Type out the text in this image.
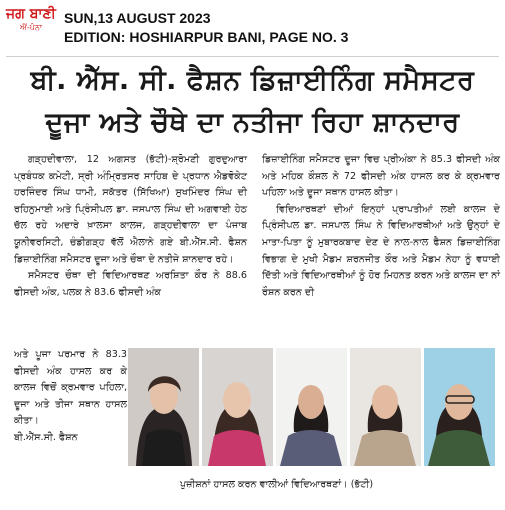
ਜਗ ਬਾਣੀ
ਐਂ-ਪੰਨਾ
SUN,13 AUGUST 2023
EDITION: HOSHIARPUR BANI, PAGE NO. 3
ਬੀ. ਐੱਸ. ਸੀ. ਫੈਸ਼ਨ ਡਿਜ਼ਾਈਨਿੰਗ ਸਮੈਸਟਰ
ਦੂਜਾ ਅਤੇ ਚੌਥੇ ਦਾ ਨਤੀਜਾ ਰਿਹਾ ਸ਼ਾਨਦਾਰ

ਗੜ੍ਹਦੀਵਾਲਾ, 12 ਅਗਸਤ (ਭੱਟੀ)-ਸ਼੍ਰੋਮਣੀ ਗੁਰਦੁਆਰਾ ਪ੍ਰਬੰਧਕ ਕਮੇਟੀ, ਸ੍ਰੀ ਅੰਮ੍ਰਿਤਸਰ ਸਾਹਿਬ ਦੇ ਪ੍ਰਧਾਨ ਐਡਵੋਕੇਟ ਹਰਜਿੰਦਰ ਸਿੰਘ ਧਾਮੀ, ਸਕੱਤਰ (ਸਿੱਖਿਆ) ਸੁਖਮਿੰਦਰ ਸਿੰਘ ਦੀ ਰਹਿਨੁਮਾਈ ਅਤੇ ਪ੍ਰਿੰਸੀਪਲ ਡਾ. ਜਸਪਾਲ ਸਿੰਘ ਦੀ ਅਗਵਾਈ ਹੇਠ ਚੱਲ ਰਹੇ ਅਦਾਰੇ ਖ਼ਾਲਸਾ ਕਾਲਜ, ਗੜ੍ਹਦੀਵਾਲਾ ਦਾ ਪੰਜਾਬ ਯੂਨੀਵਰਸਿਟੀ, ਚੰਡੀਗੜ੍ਹ ਵੱਲੋਂ ਐਲਾਨੇ ਗਏ ਬੀ.ਐੱਸ.ਸੀ. ਫੈਸ਼ਨ ਡਿਜ਼ਾਈਨਿੰਗ ਸਮੈਸਟਰ ਦੂਜਾ ਅਤੇ ਚੌਥਾ ਦੇ ਨਤੀਜੇ ਸ਼ਾਨਦਾਰ ਰਹੇ।

ਸਮੈਸਟਰ ਚੌਥਾ ਦੀ ਵਿਦਿਆਰਥਣ ਅਰਸ਼ਿਤਾ ਕੌਰ ਨੇ 88.6 ਫੀਸਦੀ ਅੰਕ, ਪਲਕ ਨੇ 83.6 ਫੀਸਦੀ ਅੰਕ

ਅਤੇ ਪੂਜਾ ਪਰਮਾਰ ਨੇ 83.3 ਫੀਸਦੀ ਅੰਕ ਹਾਸਲ ਕਰ ਕੇ ਕਾਲਜ ਵਿਚੋਂ ਕ੍ਰਮਵਾਰ ਪਹਿਲਾ, ਦੂਜਾ ਅਤੇ ਤੀਜਾ ਸਥਾਨ ਹਾਸਲ ਕੀਤਾ।

ਬੀ.ਐੱਸ.ਸੀ. ਫੈਸ਼ਨ

ਡਿਜ਼ਾਈਨਿੰਗ ਸਮੈਸਟਰ ਦੂਜਾ ਵਿਚ ਪ੍ਰੀਅੰਕਾ ਨੇ 85.3 ਫੀਸਦੀ ਅੰਕ ਅਤੇ ਮਹਿਕ ਕੌਸ਼ਲ ਨੇ 72 ਫੀਸਦੀ ਅੰਕ ਹਾਸਲ ਕਰ ਕੇ ਕ੍ਰਮਵਾਰ ਪਹਿਲਾ ਅਤੇ ਦੂਜਾ ਸਥਾਨ ਹਾਸਲ ਕੀਤਾ।

ਵਿਦਿਆਰਥਣਾਂ ਦੀਆਂ ਇਨ੍ਹਾਂ ਪ੍ਰਾਪਤੀਆਂ ਲਈ ਕਾਲਜ ਦੇ ਪ੍ਰਿੰਸੀਪਲ ਡਾ. ਜਸਪਾਲ ਸਿੰਘ ਨੇ ਵਿਦਿਆਰਥੀਆਂ ਅਤੇ ਉਨ੍ਹਾਂ ਦੇ ਮਾਤਾ-ਪਿਤਾ ਨੂੰ ਮੁਬਾਰਕਬਾਦ ਦੇਣ ਦੇ ਨਾਲ-ਨਾਲ ਫੈਸ਼ਨ ਡਿਜ਼ਾਈਨਿੰਗ ਵਿਭਾਗ ਦੇ ਮੁਖੀ ਮੈਡਮ ਸ਼ਰਨਜੀਤ ਕੌਰ ਅਤੇ ਮੈਡਮ ਨੇਹਾ ਨੂੰ ਵਧਾਈ ਦਿੱਤੀ ਅਤੇ ਵਿਦਿਆਰਥੀਆਂ ਨੂੰ ਹੋਰ ਮਿਹਨਤ ਕਰਨ ਅਤੇ ਕਾਲਜ ਦਾ ਨਾਂ ਰੌਸ਼ਨ ਕਰਨ ਦੀ

ਪੁਜ਼ੀਸ਼ਨਾਂ ਹਾਸਲ ਕਰਨ ਵਾਲੀਆਂ ਵਿਦਿਆਰਥਣਾਂ। (ਭੱਟੀ)
